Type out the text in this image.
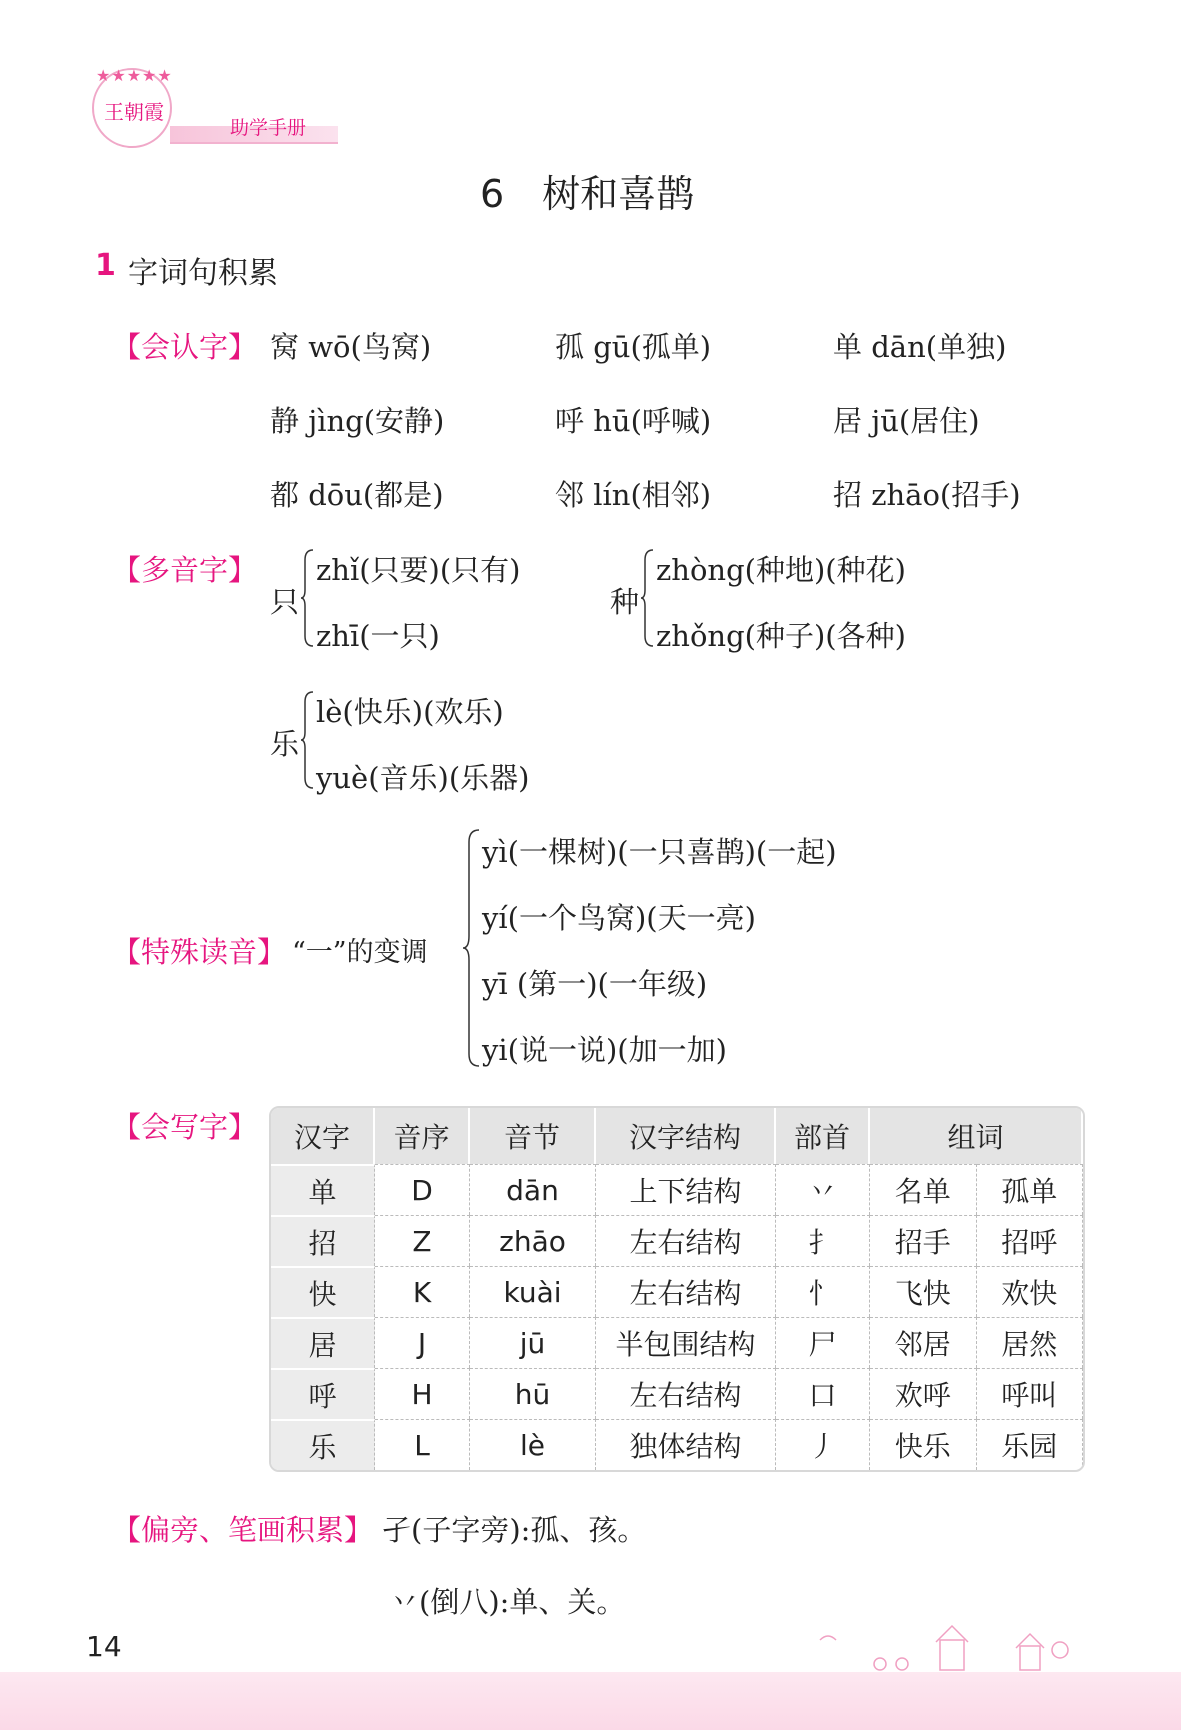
★★★★★
王朝霞
助学手册
6　树和喜鹊
1 字词句积累
【会认字】 窝 wō(鸟窝)	孤 gū(孤单)	单 dān(单独)
静 jìng(安静)	呼 hū(呼喊)	居 jū(居住)
都 dōu(都是)	邻 lín(相邻)	招 zhāo(招手)
【多音字】
只
zhǐ(只要)(只有)
zhī(一只)
种
zhòng(种地)(种花)
zhǒng(种子)(各种)
乐
lè(快乐)(欢乐)
yuè(音乐)(乐器)
【特殊读音】 “一”的变调
yì(一棵树)(一只喜鹊)(一起)
yí(一个鸟窝)(天一亮)
yī (第一)(一年级)
yi(说一说)(加一加)
【会写字】 汉字	音序	音节	汉字结构	部首	组词	
单	D	dān	上下结构	丷	名单	孤单
招	Z	zhāo	左右结构	扌	招手	招呼
快	K	kuài	左右结构	忄	飞快	欢快
居	J	jū	半包围结构	尸	邻居	居然
呼	H	hū	左右结构	口	欢呼	呼叫
乐	L	lè	独体结构	丿	快乐	乐园
【偏旁、笔画积累】 孑(子字旁):孤、孩。
丷(倒八):单、关。
14
